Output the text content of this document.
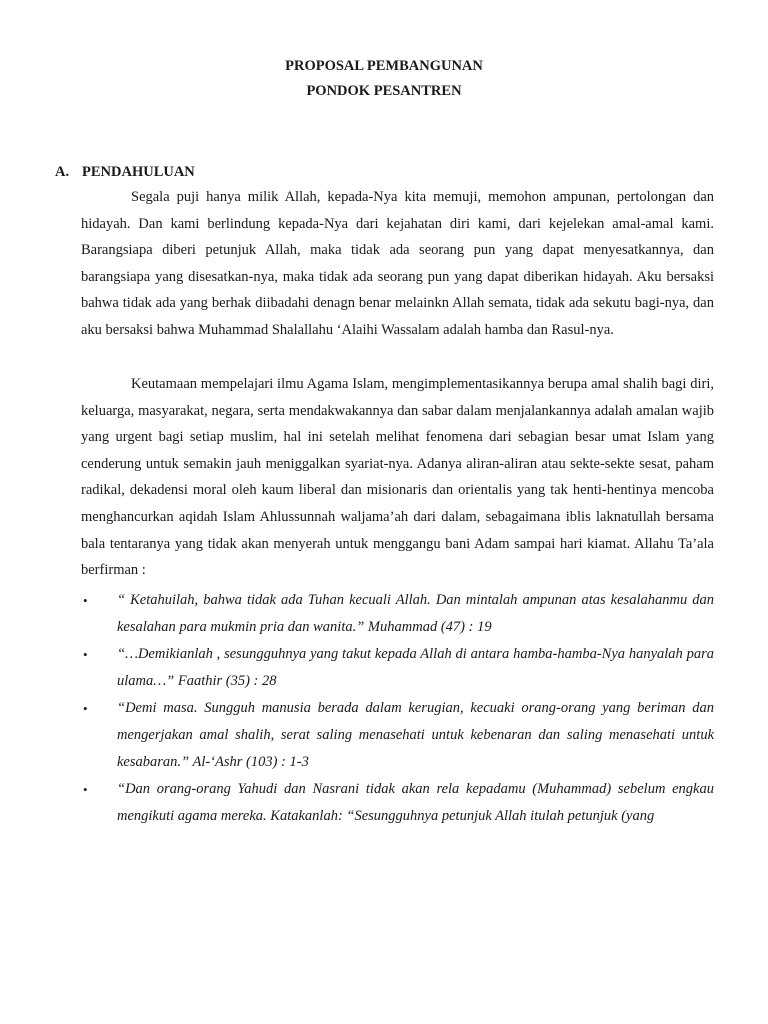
PROPOSAL PEMBANGUNAN
PONDOK PESANTREN
A. PENDAHULUAN

Segala puji hanya milik Allah, kepada-Nya kita memuji, memohon ampunan, pertolongan dan hidayah. Dan kami berlindung kepada-Nya dari kejahatan diri kami, dari kejelekan amal-amal kami. Barangsiapa diberi petunjuk Allah, maka tidak ada seorang pun yang dapat menyesatkannya, dan barangsiapa yang disesatkan-nya, maka tidak ada seorang pun yang dapat diberikan hidayah. Aku bersaksi bahwa tidak ada yang berhak diibadahi denagn benar melainkn Allah semata, tidak ada sekutu bagi-nya, dan aku bersaksi bahwa Muhammad Shalallahu ‘Alaihi Wassalam adalah hamba dan Rasul-nya.

Keutamaan mempelajari ilmu Agama Islam, mengimplementasikannya berupa amal shalih bagi diri, keluarga, masyarakat, negara, serta mendakwakannya dan sabar dalam menjalankannya adalah amalan wajib yang urgent bagi setiap muslim, hal ini setelah melihat fenomena dari sebagian besar umat Islam yang cenderung untuk semakin jauh meniggalkan syariat-nya. Adanya aliran-aliran atau sekte-sekte sesat, paham radikal, dekadensi moral oleh kaum liberal dan misionaris dan orientalis yang tak henti-hentinya mencoba menghancurkan aqidah Islam Ahlussunnah waljama’ah dari dalam, sebagaimana iblis laknatullah bersama bala tentaranya yang tidak akan menyerah untuk menggangu bani Adam sampai hari kiamat. Allahu Ta’ala berfirman :

• “ Ketahuilah, bahwa tidak ada Tuhan kecuali Allah. Dan mintalah ampunan atas kesalahanmu dan kesalahan para mukmin pria dan wanita.” Muhammad (47) : 19
• “…Demikianlah , sesungguhnya yang takut kepada Allah di antara hamba-hamba-Nya hanyalah para ulama…” Faathir (35) : 28
• “Demi masa. Sungguh manusia berada dalam kerugian, kecuaki orang-orang yang beriman dan mengerjakan amal shalih, serat saling menasehati untuk kebenaran dan saling menasehati untuk kesabaran.” Al-‘Ashr (103) : 1-3
• “Dan orang-orang Yahudi dan Nasrani tidak akan rela kepadamu (Muhammad) sebelum engkau mengikuti agama mereka. Katakanlah: “Sesungguhnya petunjuk Allah itulah petunjuk (yang
